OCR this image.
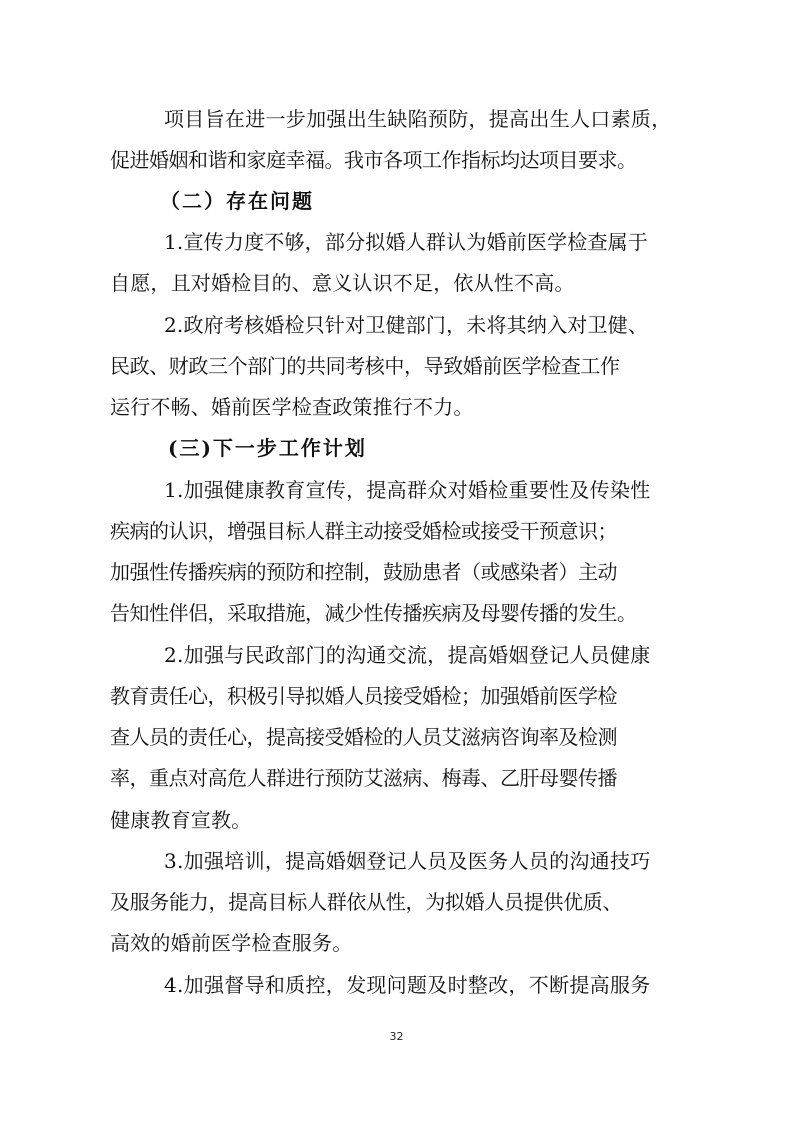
项目旨在进一步加强出生缺陷预防，提高出生人口素质，
促进婚姻和谐和家庭幸福。我市各项工作指标均达项目要求。
（二）存在问题
1.宣传力度不够，部分拟婚人群认为婚前医学检查属于
自愿，且对婚检目的、意义认识不足，依从性不高。
2.政府考核婚检只针对卫健部门，未将其纳入对卫健、
民政、财政三个部门的共同考核中，导致婚前医学检查工作
运行不畅、婚前医学检查政策推行不力。
(三)下一步工作计划
1.加强健康教育宣传，提高群众对婚检重要性及传染性
疾病的认识，增强目标人群主动接受婚检或接受干预意识；
加强性传播疾病的预防和控制，鼓励患者（或感染者）主动
告知性伴侣，采取措施，减少性传播疾病及母婴传播的发生。
2.加强与民政部门的沟通交流，提高婚姻登记人员健康
教育责任心，积极引导拟婚人员接受婚检；加强婚前医学检
查人员的责任心，提高接受婚检的人员艾滋病咨询率及检测
率，重点对高危人群进行预防艾滋病、梅毒、乙肝母婴传播
健康教育宣教。
3.加强培训，提高婚姻登记人员及医务人员的沟通技巧
及服务能力，提高目标人群依从性，为拟婚人员提供优质、
高效的婚前医学检查服务。
4.加强督导和质控，发现问题及时整改，不断提高服务
32
